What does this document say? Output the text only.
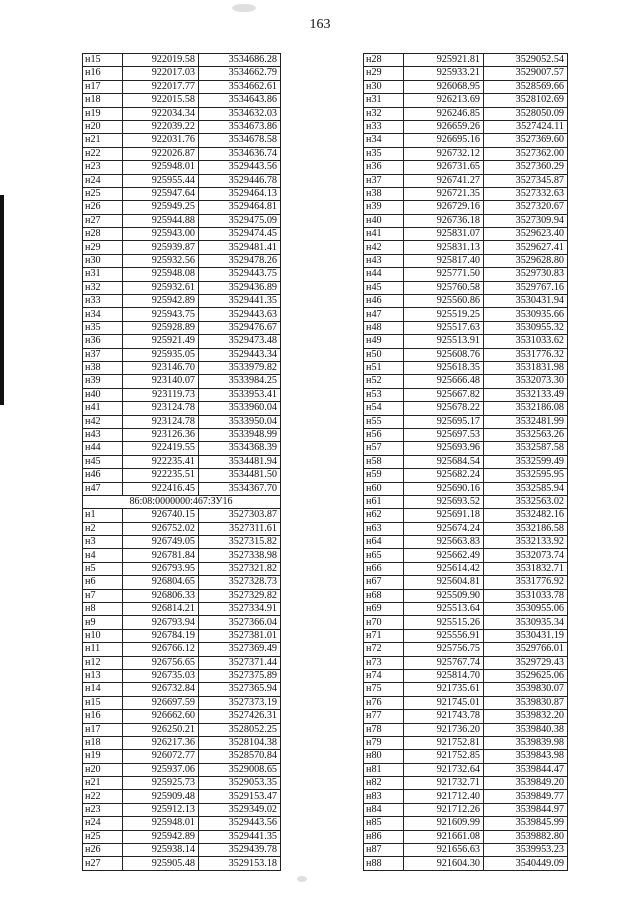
163
н15	922019.58	3534686.28
н16	922017.03	3534662.79
н17	922017.77	3534662.61
н18	922015.58	3534643.86
н19	922034.34	3534632.03
н20	922039.22	3534673.86
н21	922031.76	3534678.58
н22	922026.87	3534636.74
н23	925948.01	3529443.56
н24	925955.44	3529446.78
н25	925947.64	3529464.13
н26	925949.25	3529464.81
н27	925944.88	3529475.09
н28	925943.00	3529474.45
н29	925939.87	3529481.41
н30	925932.56	3529478.26
н31	925948.08	3529443.75
н32	925932.61	3529436.89
н33	925942.89	3529441.35
н34	925943.75	3529443.63
н35	925928.89	3529476.67
н36	925921.49	3529473.48
н37	925935.05	3529443.34
н38	923146.70	3533979.82
н39	923140.07	3533984.25
н40	923119.73	3533953.41
н41	923124.78	3533960.04
н42	923124.78	3533950.04
н43	923126.36	3533948.99
н44	922419.55	3534368.39
н45	922235.41	3534481.94
н46	922235.51	3534481.50
н47	922416.45	3534367.70
86:08:0000000:467:ЗУ16		
н1	926740.15	3527303.87
н2	926752.02	3527311.61
н3	926749.05	3527315.82
н4	926781.84	3527338.98
н5	926793.95	3527321.82
н6	926804.65	3527328.73
н7	926806.33	3527329.82
н8	926814.21	3527334.91
н9	926793.94	3527366.04
н10	926784.19	3527381.01
н11	926766.12	3527369.49
н12	926756.65	3527371.44
н13	926735.03	3527375.89
н14	926732.84	3527365.94
н15	926697.59	3527373.19
н16	926662.60	3527426.31
н17	926250.21	3528052.25
н18	926217.36	3528104.38
н19	926072.77	3528570.84
н20	925937.06	3529008.65
н21	925925.73	3529053.35
н22	925909.48	3529153.47
н23	925912.13	3529349.02
н24	925948.01	3529443.56
н25	925942.89	3529441.35
н26	925938.14	3529439.78
н27	925905.48	3529153.18
н28	925921.81	3529052.54
н29	925933.21	3529007.57
н30	926068.95	3528569.66
н31	926213.69	3528102.69
н32	926246.85	3528050.09
н33	926659.26	3527424.11
н34	926695.16	3527369.60
н35	926732.12	3527362.00
н36	926731.65	3527360.29
н37	926741.27	3527345.87
н38	926721.35	3527332.63
н39	926729.16	3527320.67
н40	926736.18	3527309.94
н41	925831.07	3529623.40
н42	925831.13	3529627.41
н43	925817.40	3529628.80
н44	925771.50	3529730.83
н45	925760.58	3529767.16
н46	925560.86	3530431.94
н47	925519.25	3530935.66
н48	925517.63	3530955.32
н49	925513.91	3531033.62
н50	925608.76	3531776.32
н51	925618.35	3531831.98
н52	925666.48	3532073.30
н53	925667.82	3532133.49
н54	925678.22	3532186.08
н55	925695.17	3532481.99
н56	925697.53	3532563.26
н57	925693.96	3532587.58
н58	925684.54	3532599.49
н59	925682.24	3532595.95
н60	925690.16	3532585.94
н61	925693.52	3532563.02
н62	925691.18	3532482.16
н63	925674.24	3532186.58
н64	925663.83	3532133.92
н65	925662.49	3532073.74
н66	925614.42	3531832.71
н67	925604.81	3531776.92
н68	925509.90	3531033.78
н69	925513.64	3530955.06
н70	925515.26	3530935.34
н71	925556.91	3530431.19
н72	925756.75	3529766.01
н73	925767.74	3529729.43
н74	925814.70	3529625.06
н75	921735.61	3539830.07
н76	921745.01	3539830.87
н77	921743.78	3539832.20
н78	921736.20	3539840.38
н79	921752.81	3539839.98
н80	921752.85	3539843.98
н81	921732.64	3539844.47
н82	921732.71	3539849.20
н83	921712.40	3539849.77
н84	921712.26	3539844.97
н85	921609.99	3539845.99
н86	921661.08	3539882.80
н87	921656.63	3539953.23
н88	921604.30	3540449.09
